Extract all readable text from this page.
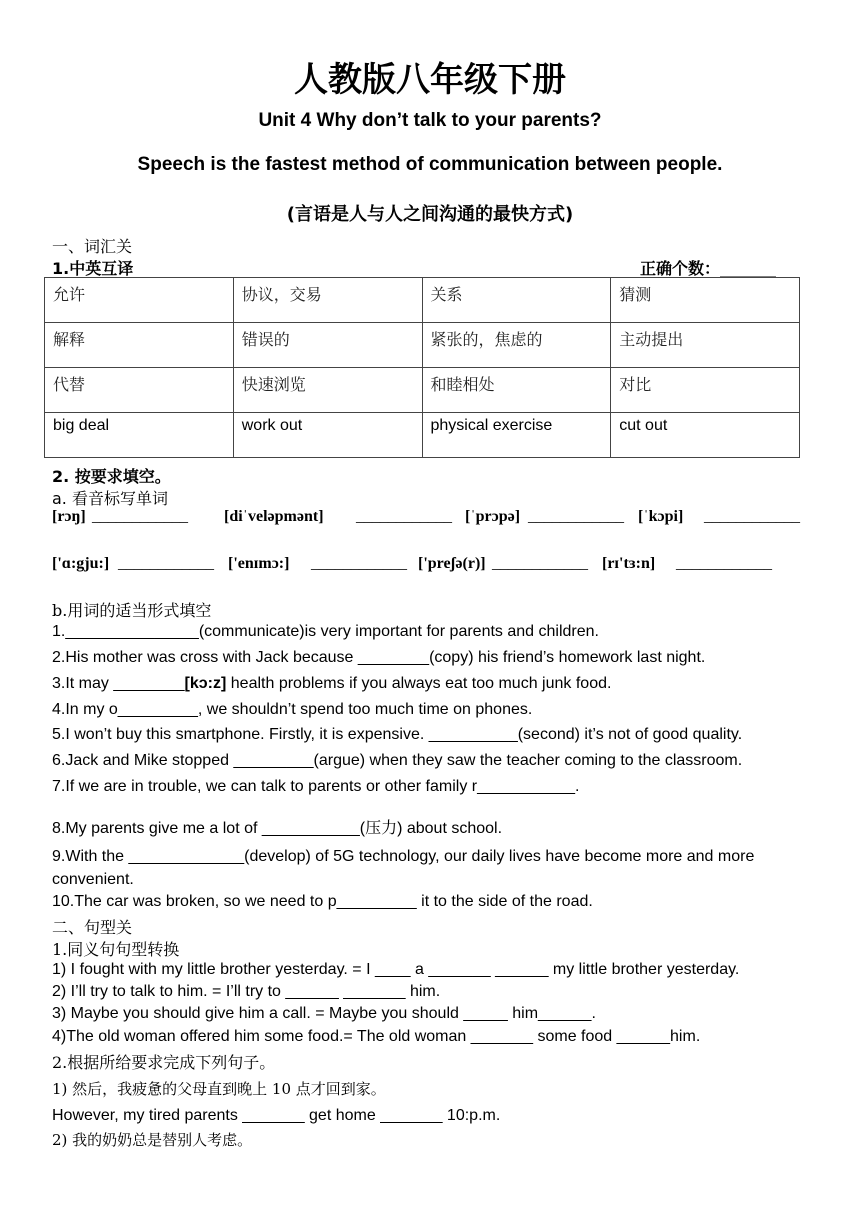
人教版八年级下册
Unit 4 Why don’t talk to your parents?
Speech is the fastest method of communication between people.
(言语是人与人之间沟通的最快方式)
一、词汇关
1.中英互译	正确个数：_______
允许	协议，交易	关系	猜测
解释	错误的	紧张的，焦虑的	主动提出
代替	快速浏览	和睦相处	对比
big deal	work out	physical exercise	cut out
2. 按要求填空。
a. 看音标写单词
[rɔŋ] ____________ [diˈveləpmənt] ____________ [ˈprɔpə] ____________ [ˈkɔpi] ____________
['ɑ:gju:] ____________ ['enɪmɔ:] ____________ ['preʃə(r)] ____________ [rɪ'tɜ:n] ____________
b.用词的适当形式填空
1._______________(communicate)is very important for parents and children.
2.His mother was cross with Jack because ________(copy) his friend’s homework last night.
3.It may ________[kɔ:z] health problems if you always eat too much junk food.
4.In my o_________, we shouldn’t spend too much time on phones.
5.I won’t buy this smartphone. Firstly, it is expensive. __________(second) it’s not of good quality.
6.Jack and Mike stopped _________(argue) when they saw the teacher coming to the classroom.
7.If we are in trouble, we can talk to parents or other family r___________.
8.My parents give me a lot of ___________(压力) about school.
9.With the _____________(develop) of 5G technology, our daily lives have become more and more
convenient.
10.The car was broken, so we need to p_________ it to the side of the road.
二、句型关
1.同义句句型转换
1) I fought with my little brother yesterday. = I ____ a _______ ______ my little brother yesterday.
2) I’ll try to talk to him. = I’ll try to ______ _______ him.
3) Maybe you should give him a call. = Maybe you should _____ him______.
4)The old woman offered him some food.= The old woman _______ some food ______him.
2.根据所给要求完成下列句子。
1) 然后，我疲惫的父母直到晚上 10 点才回到家。
However, my tired parents _______ get home _______ 10:p.m.
2) 我的奶奶总是替别人考虑。
